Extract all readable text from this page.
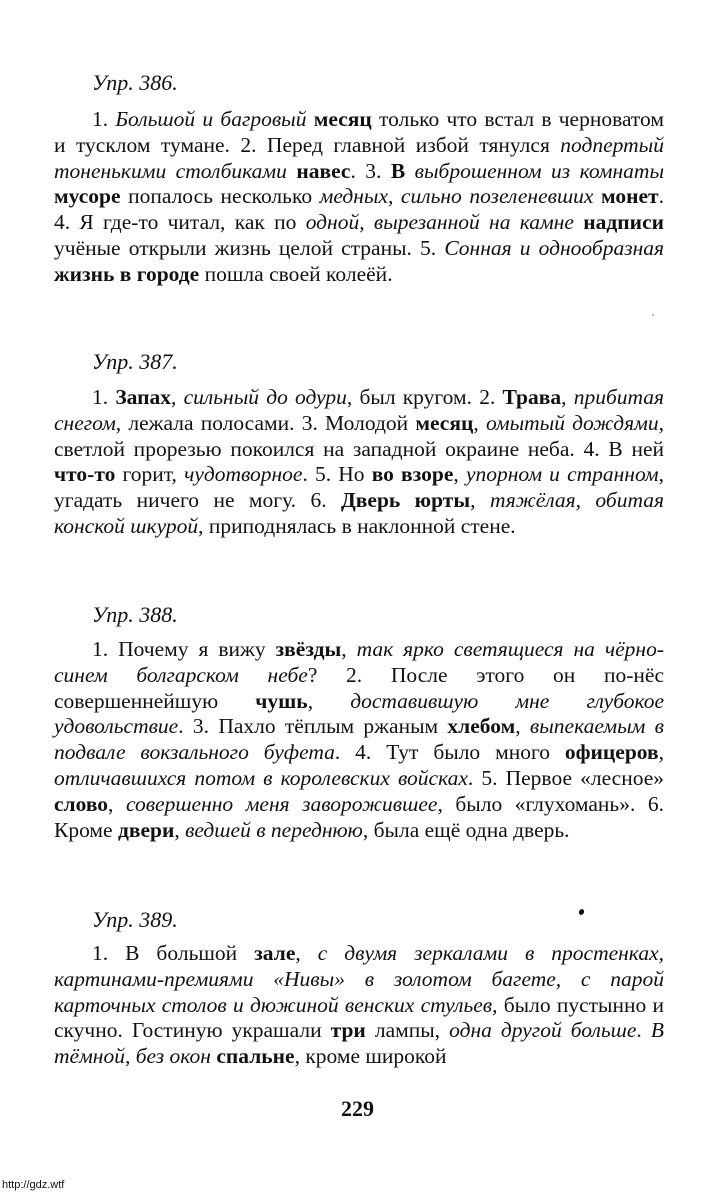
Упр. 386.

1. Большой и багровый месяц только что встал в черноватом и тусклом тумане. 2. Перед главной избой тянулся подпертый тоненькими столбиками навес. 3. В выброшенном из комнаты мусоре попалось несколько медных, сильно позеленевших монет. 4. Я где-то читал, как по одной, вырезанной на камне надписи учёные открыли жизнь целой страны. 5. Сонная и однообразная жизнь в городе пошла своей колеёй.

Упр. 387.

1. Запах, сильный до одури, был кругом. 2. Трава, прибитая снегом, лежала полосами. 3. Молодой месяц, омытый дождями, светлой прорезью покоился на западной окраине неба. 4. В ней что-то горит, чудотворное. 5. Но во взоре, упорном и странном, угадать ничего не могу. 6. Дверь юрты, тяжёлая, обитая конской шкурой, приподнялась в наклонной стене.

Упр. 388.

1. Почему я вижу звёзды, так ярко светящиеся на чёрно-синем болгарском небе? 2. После этого он по-нёс совершеннейшую чушь, доставившую мне глубокое удовольствие. 3. Пахло тёплым ржаным хлебом, выпекаемым в подвале вокзального буфета. 4. Тут было много офицеров, отличавшихся потом в королевских войсках. 5. Первое «лесное» слово, совершенно меня заворожившее, было «глухомань». 6. Кроме двери, ведшей в переднюю, была ещё одна дверь.

Упр. 389.

1. В большой зале, с двумя зеркалами в простенках, картинами-премиями «Нивы» в золотом багете, с парой карточных столов и дюжиной венских стульев, было пустынно и скучно. Гостиную украшали три лампы, одна другой больше. В тёмной, без окон спальне, кроме широкой

229
http://gdz.wtf
